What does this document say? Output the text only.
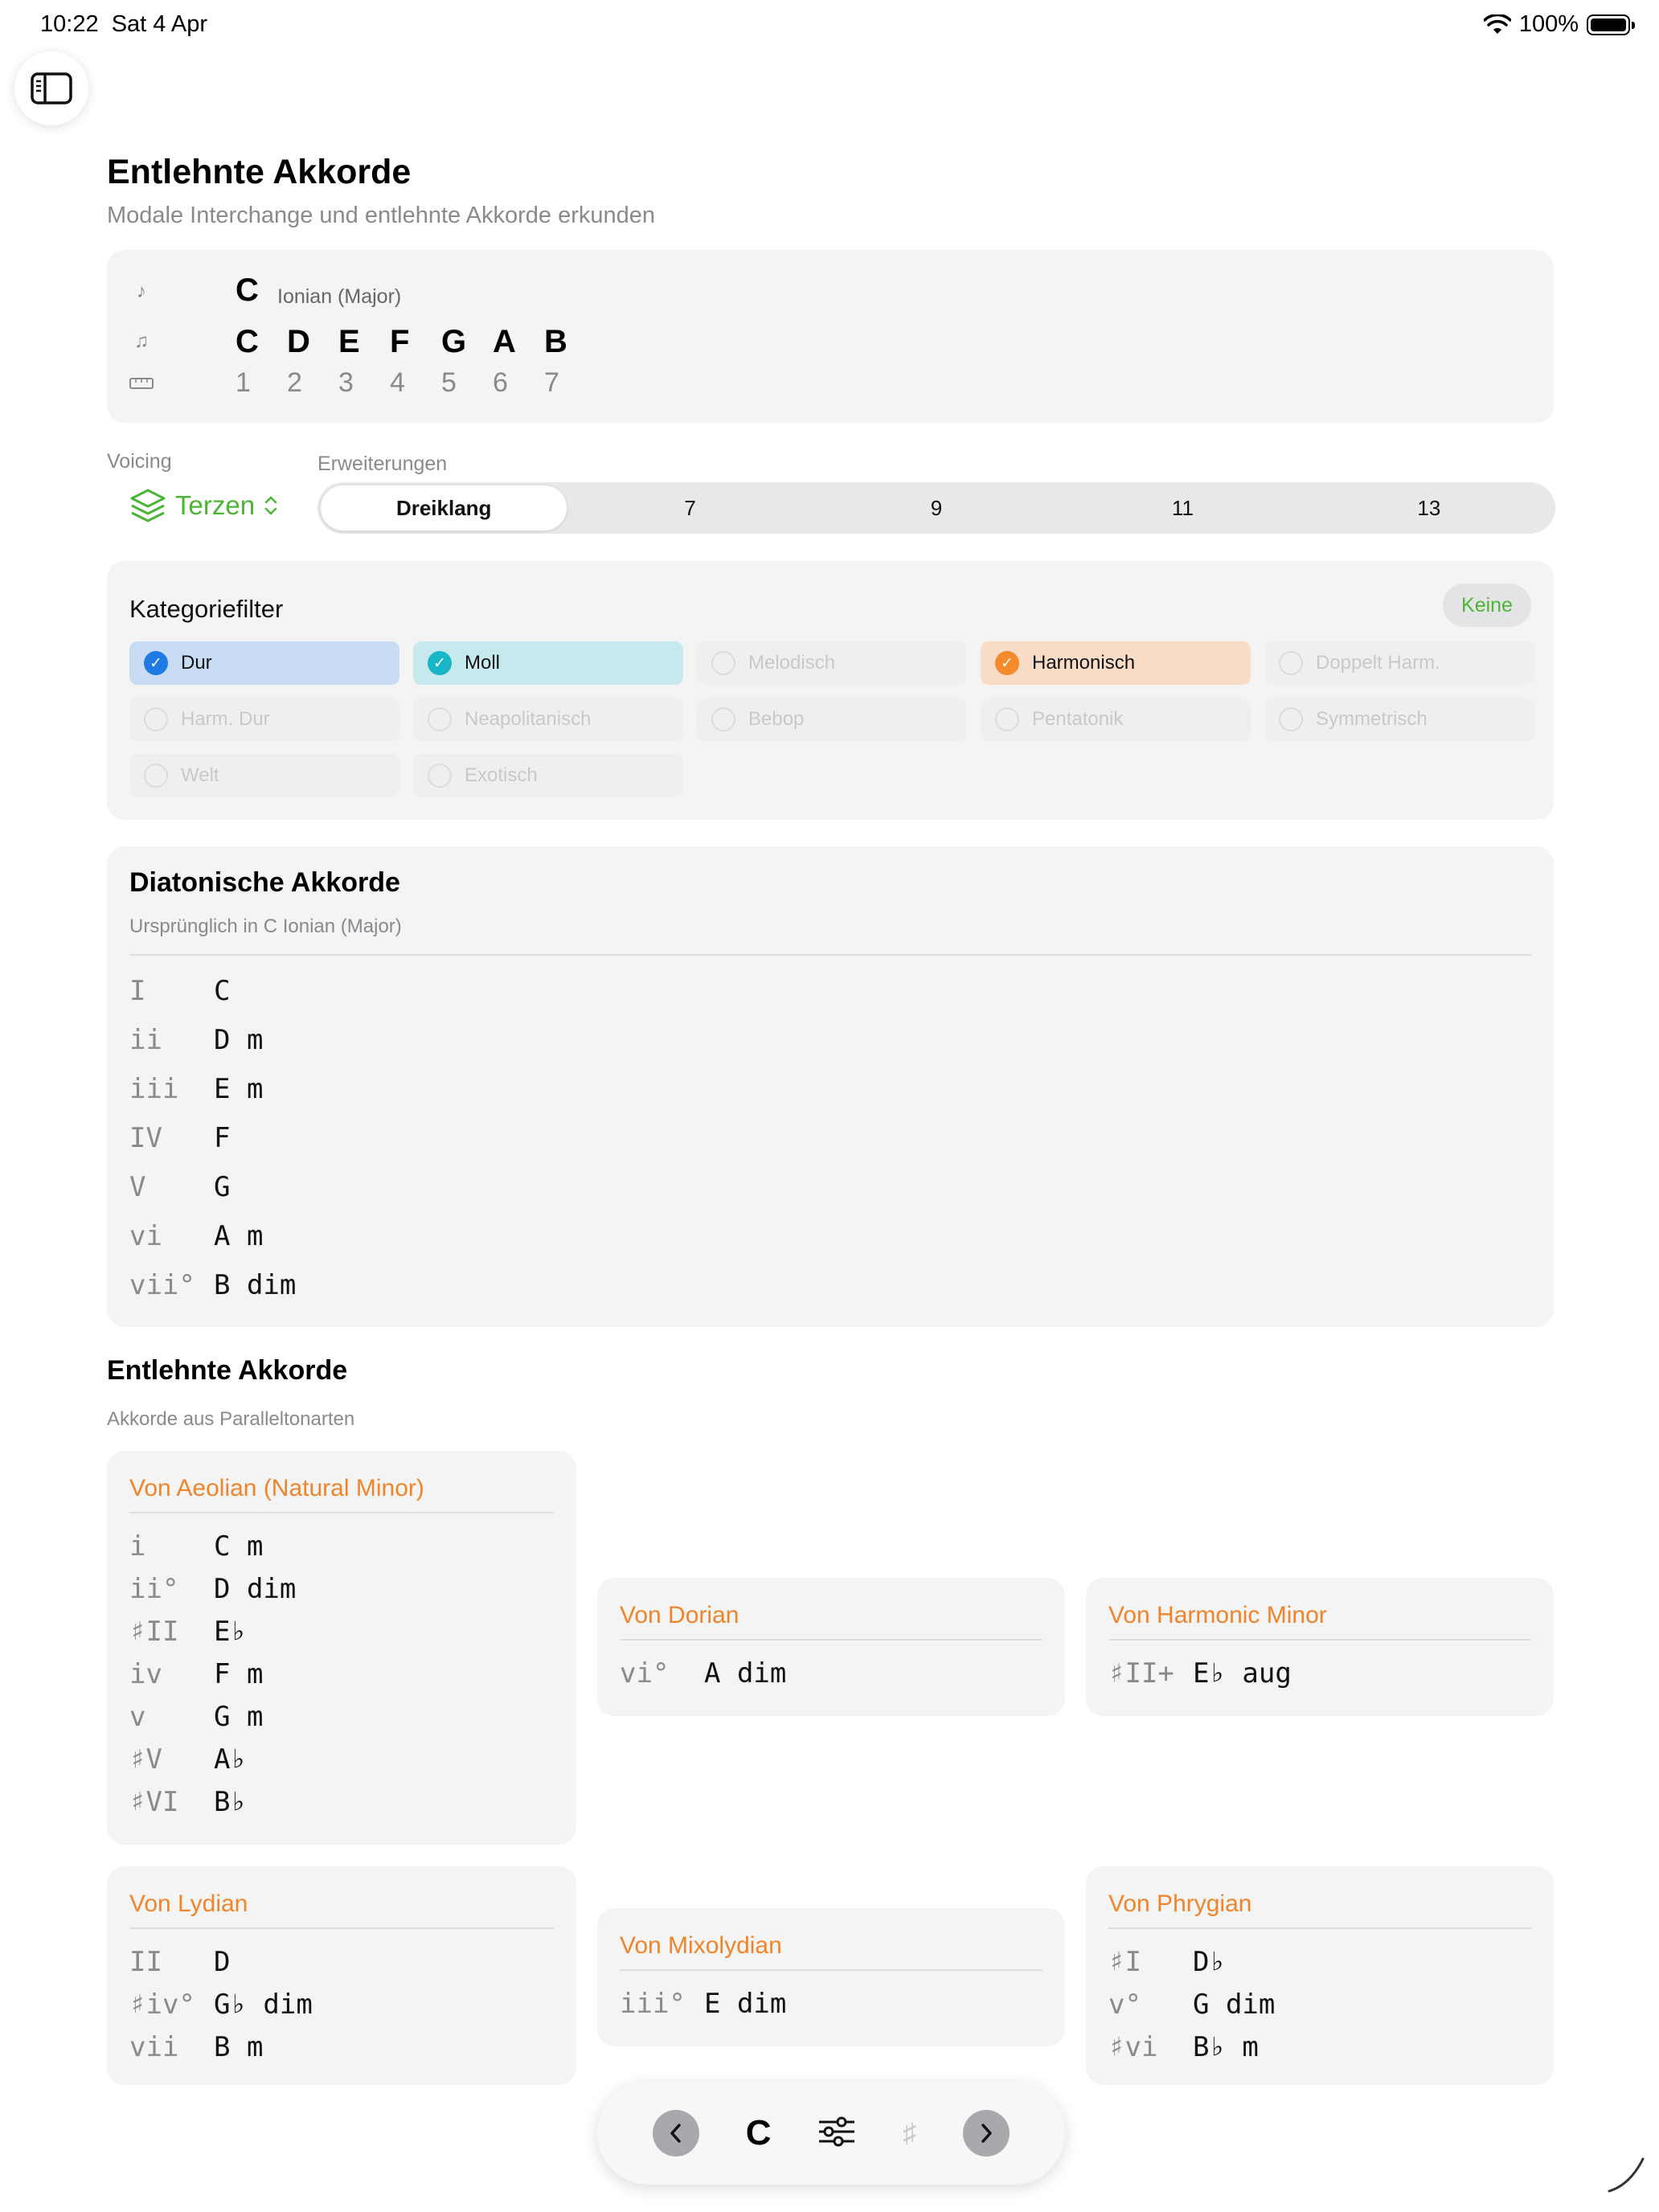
10:22 Sat 4 Apr	100%
Entlehnte Akkorde
Modale Interchange und entlehnte Akkorde erkunden
♪
♫
C Ionian (Major)
C D E F G A B
1	2	3	4	5	6	7
Voicing	Erweiterungen
Terzen	Dreiklang	7	9	11	13
Kategoriefilter	Keine
✓ Dur	✓ Moll	Melodisch	✓ Harmonisch	Doppelt Harm.
Harm. Dur	Neapolitanisch	Bebop	Pentatonik	Symmetrisch
Welt	Exotisch
Diatonische Akkorde
Ursprünglich in C Ionian (Major)
I	C
ii	D m
iii	E m
IV	F
V	G
vi	A m
vii° B dim
Entlehnte Akkorde
Akkorde aus Paralleltonarten
Von Aeolian (Natural Minor)
i	C m
ii°	D dim
♯II	E♭
iv	F m
v	G m
♯V	A♭
♯VI	B♭
Von Dorian
vi°	A dim
Von Harmonic Minor
♯II+ E♭ aug
Von Lydian
II	D
♯iv° G♭ dim
vii	B m
Von Mixolydian
iii° E dim
Von Phrygian
♯I	D♭
v°	G dim
♯vi	B♭ m
C	♯
